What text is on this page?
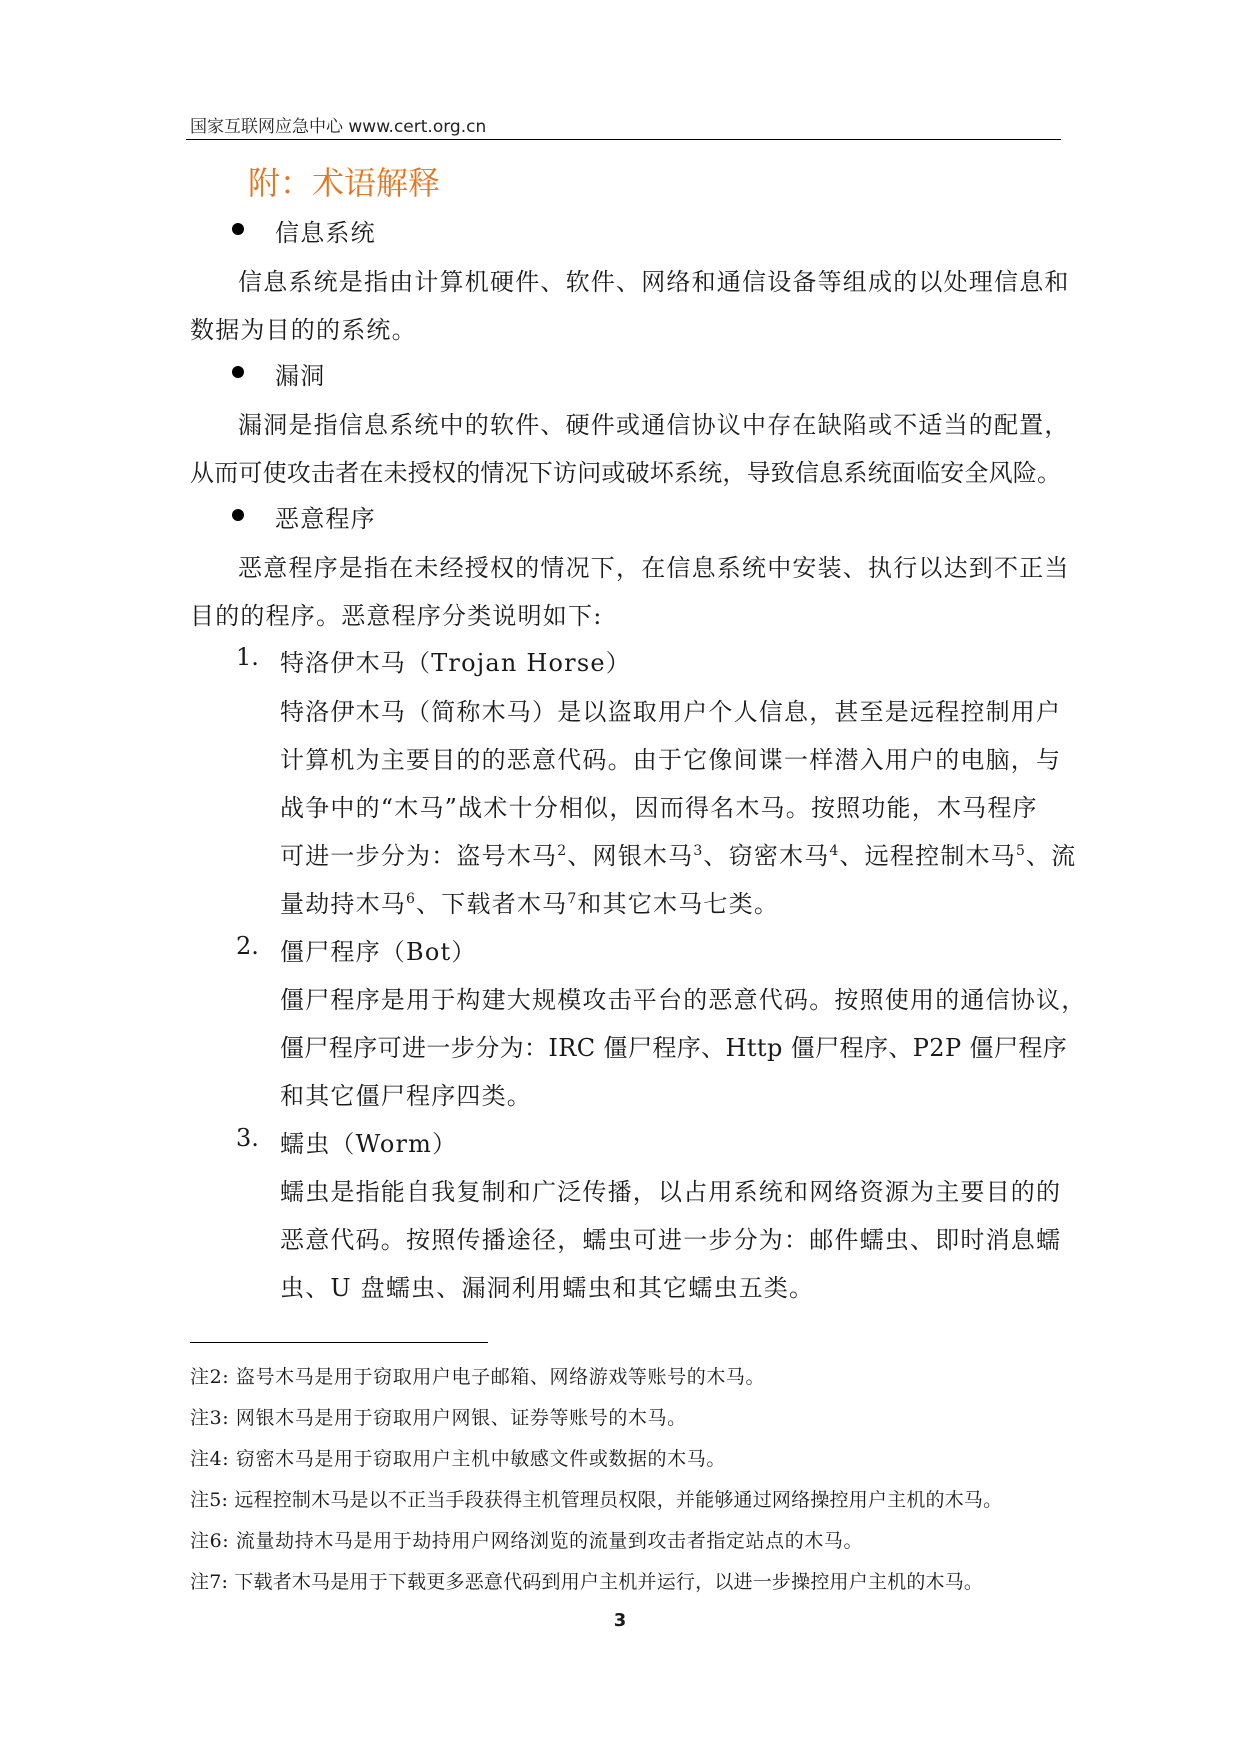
国家互联网应急中心 www.cert.org.cn
附：术语解释
信息系统
信息系统是指由计算机硬件、软件、网络和通信设备等组成的以处理信息和
数据为目的的系统。
漏洞
漏洞是指信息系统中的软件、硬件或通信协议中存在缺陷或不适当的配置，
从而可使攻击者在未授权的情况下访问或破坏系统，导致信息系统面临安全风险。
恶意程序
恶意程序是指在未经授权的情况下，在信息系统中安装、执行以达到不正当
目的的程序。恶意程序分类说明如下:
1. 特洛伊木马（Trojan Horse）
特洛伊木马（简称木马）是以盗取用户个人信息，甚至是远程控制用户
计算机为主要目的的恶意代码。由于它像间谍一样潜入用户的电脑，与
战争中的“木马”战术十分相似，因而得名木马。按照功能，木马程序
可进一步分为：盗号木马$^2$、网银木马$^3$、窃密木马$^4$、远程控制木马$^5$、流
量劫持木马$^6$、下载者木马$^7$和其它木马七类。
2. 僵尸程序（Bot）
僵尸程序是用于构建大规模攻击平台的恶意代码。按照使用的通信协议，
僵尸程序可进一步分为：IRC 僵尸程序、Http 僵尸程序、P2P 僵尸程序
和其它僵尸程序四类。
3. 蠕虫（Worm）
蠕虫是指能自我复制和广泛传播，以占用系统和网络资源为主要目的的
恶意代码。按照传播途径，蠕虫可进一步分为：邮件蠕虫、即时消息蠕
虫、U 盘蠕虫、漏洞利用蠕虫和其它蠕虫五类。
注2: 盗号木马是用于窃取用户电子邮箱、网络游戏等账号的木马。
注3: 网银木马是用于窃取用户网银、证券等账号的木马。
注4: 窃密木马是用于窃取用户主机中敏感文件或数据的木马。
注5: 远程控制木马是以不正当手段获得主机管理员权限，并能够通过网络操控用户主机的木马。
注6: 流量劫持木马是用于劫持用户网络浏览的流量到攻击者指定站点的木马。
注7: 下载者木马是用于下载更多恶意代码到用户主机并运行，以进一步操控用户主机的木马。
3
